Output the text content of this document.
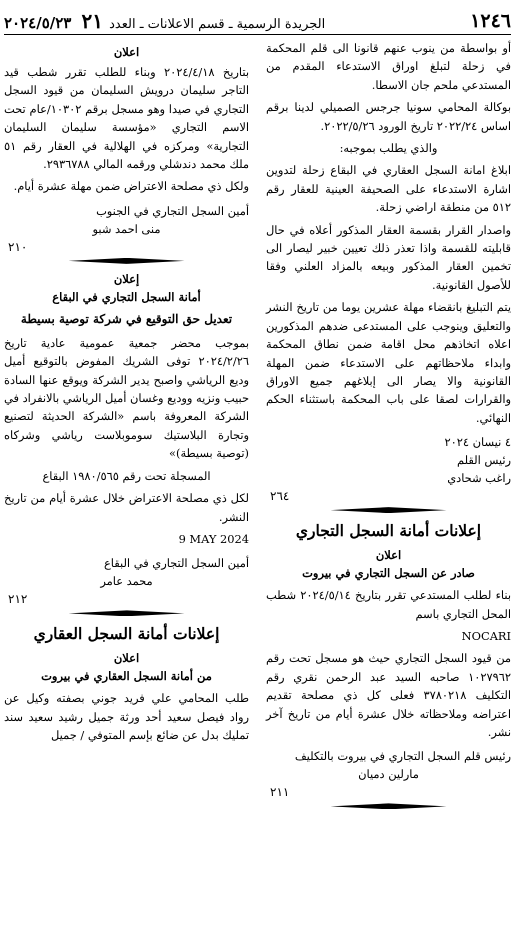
١٢٤٦
الجريدة الرسمية ـ قسم الاعلانات ـ العدد ٢١ ٢٠٢٤/٥/٢٣

أو بواسطة من ينوب عنهم قانونا الى قلم المحكمة في زحلة لتبلغ اوراق الاستدعاء المقدم من المستدعي ملحم جان الاسطا.

بوكالة المحامي سونيا جرجس الصميلي لدينا برقم اساس ٢٠٢٢/٢٤ تاريخ الورود ٢٠٢٢/٥/٢٦.

والذي يطلب بموجبه:

ابلاغ امانة السجل العقاري في البقاع زحلة لتدوين اشارة الاستدعاء على الصحيفة العينية للعقار رقم ٥١٢ من منطقة اراضي زحلة.

واصدار القرار بقسمة العقار المذكور أعلاه في حال قابليته للقسمة واذا تعذر ذلك تعيين خبير ليصار الى تخمين العقار المذكور وبيعه بالمزاد العلني وفقا للأصول القانونية.

يتم التبليغ بانقضاء مهلة عشرين يوما من تاريخ النشر والتعليق وينوجب على المستدعى ضدهم المذكورين اعلاه اتخاذهم محل اقامة ضمن نطاق المحكمة وابداء ملاحظاتهم على الاستدعاء ضمن المهلة القانونية والا يصار الى إبلاغهم جميع الاوراق والقرارات لصقا على باب المحكمة باستثناء الحكم النهائي.

٤ نيسان ٢٠٢٤
رئيس القلم
راغب شحادي
٢٦٤
إعلانات أمانة السجل التجاري
اعلان
صادر عن السجل التجاري في بيروت

بناء لطلب المستدعي تقرر بتاريخ ٢٠٢٤/٥/١٤ شطب المحل التجاري باسم

NOCARI

من قيود السجل التجاري حيث هو مسجل تحت رقم ١٠٢٧٩٦٢ صاحبه السيد عبد الرحمن نقري رقم التكليف ٣٧٨٠٢١٨ فعلى كل ذي مصلحة تقديم اعتراضه وملاحظاته خلال عشرة أيام من تاريخ آخر نشر.

رئيس قلم السجل التجاري في بيروت بالتكليف
مارلين دميان
٢١١
اعلان

بتاريخ ٢٠٢٤/٤/١٨ وبناء للطلب تقرر شطب قيد التاجر سليمان درويش السليمان من قيود السجل التجاري في صيدا وهو مسجل برقم ١٠٣٠٢/عام تحت الاسم التجاري «مؤسسة سليمان السليمان التجارية» ومركزه في الهلالية في العقار رقم ٥١ ملك محمد دندشلي ورقمه المالي ٢٩٣٦٧٨٨.

ولكل ذي مصلحة الاعتراض ضمن مهلة عشرة أيام.

أمين السجل التجاري في الجنوب
منى احمد شبو
٢١٠
إعلان
أمانة السجل التجاري في البقاع
تعديل حق التوقيع في شركة توصية بسيطة

بموجب محضر جمعية عمومية عادية تاريخ ٢٠٢٤/٢/٢٦ توفى الشريك المفوض بالتوقيع أميل وديع الرياشي واصبح يدير الشركة ويوقع عنها السادة حبيب ونزيه ووديع وغسان أميل الرياشي بالانفراد في الشركة المعروفة باسم «الشركة الحديثة لتصنيع وتجارة البلاستيك سوموبلاست رياشي وشركاه (توصية بسيطة)»

المسجلة تحت رقم ١٩٨٠/٥٦٥ البقاع

لكل ذي مصلحة الاعتراض خلال عشرة أيام من تاريخ النشر.

9 MAY 2024

أمين السجل التجاري في البقاع
محمد عامر
٢١٢
إعلانات أمانة السجل العقاري
اعلان
من أمانة السجل العقاري في بيروت

طلب المحامي علي فريد جوني بصفته وكيل عن رواد فيصل سعيد أحد ورثة جميل رشيد سعيد سند تمليك بدل عن ضائع بإسم المتوفي / جميل
